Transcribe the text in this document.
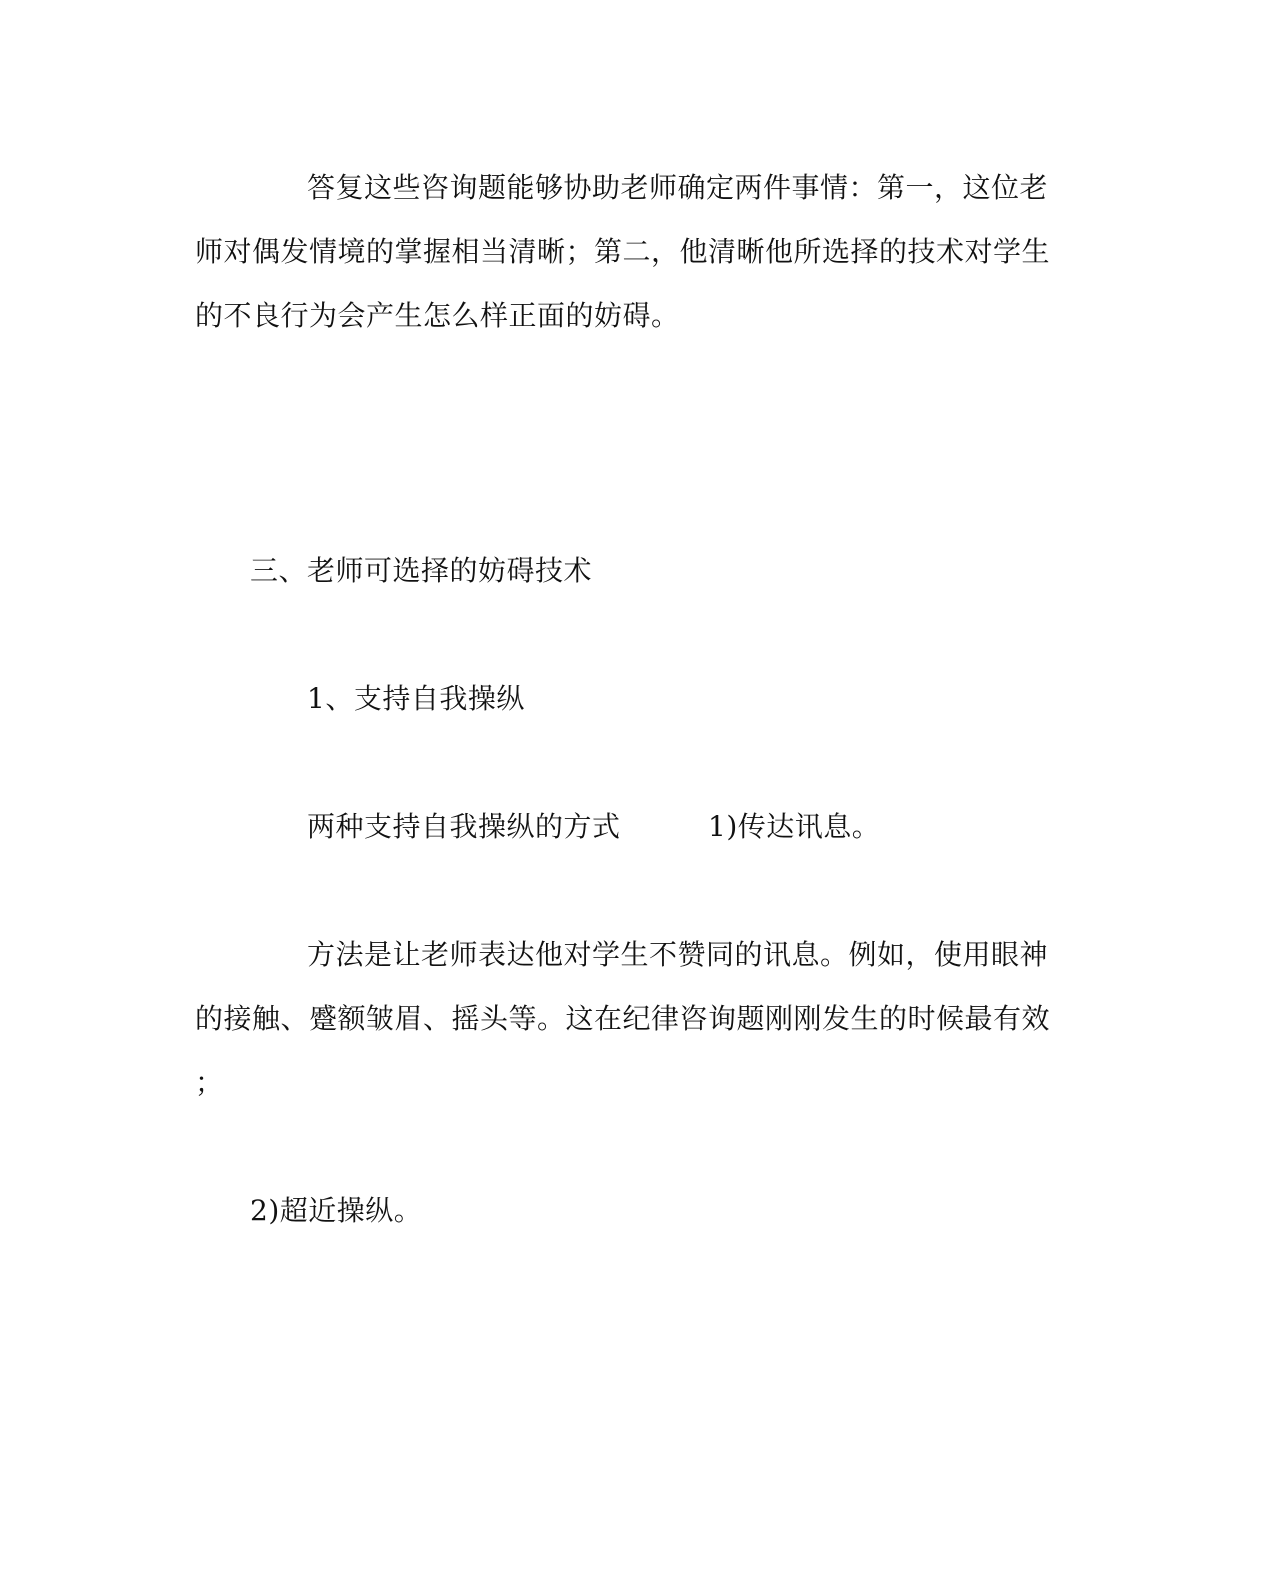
答复这些咨询题能够协助老师确定两件事情：第一，这位老
师对偶发情境的掌握相当清晰；第二，他清晰他所选择的技术对学生
的不良行为会产生怎么样正面的妨碍。
三、老师可选择的妨碍技术
1、支持自我操纵
两种支持自我操纵的方式	1)传达讯息。
方法是让老师表达他对学生不赞同的讯息。例如，使用眼神
的接触、蹙额皱眉、摇头等。这在纪律咨询题刚刚发生的时候最有效
；
2)超近操纵。
